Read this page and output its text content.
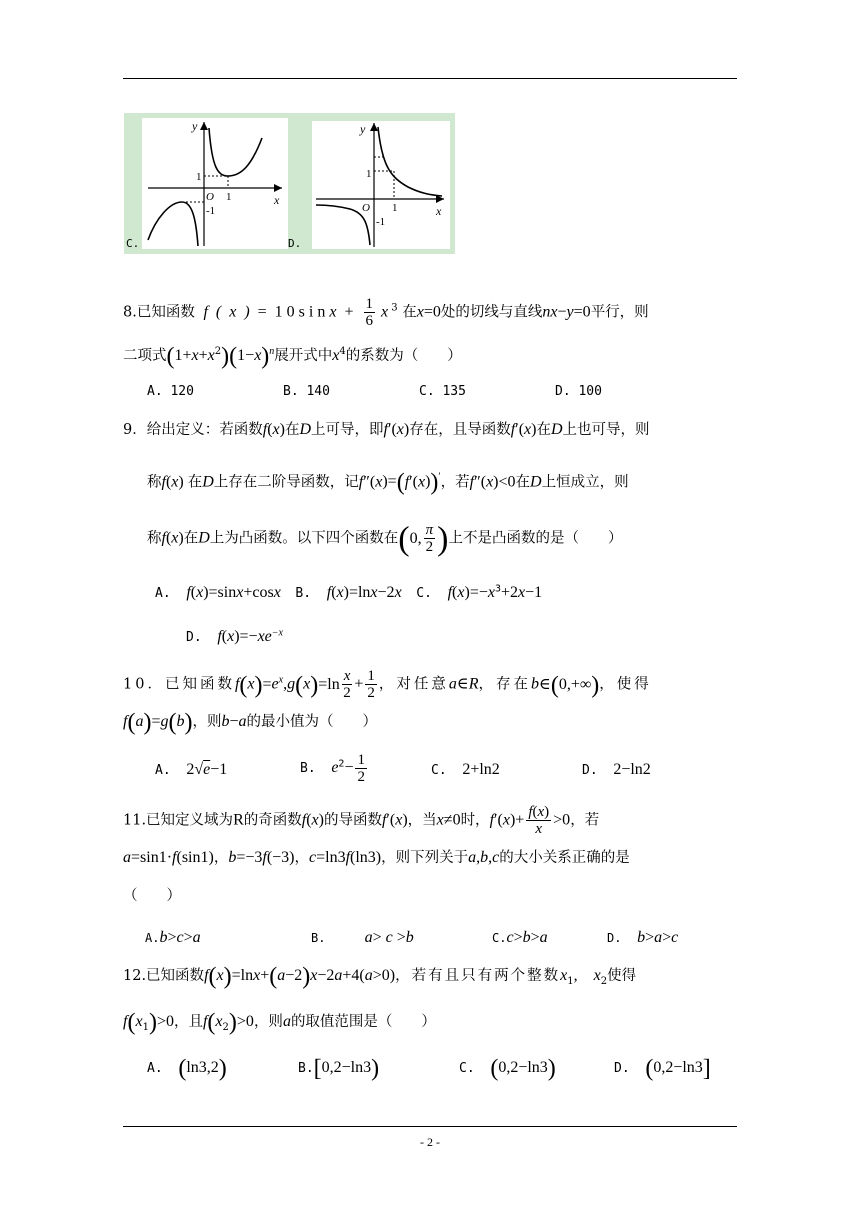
y
x
O
1
1
-1
C.
y
x
O
1
1
-1
D.
8.已知函数  f  (  x  )  =  1 0 s i n $x + \frac{1}{6}$ x $^3$ 在x=0处的切线与直线nx−y=0平行，则
二项式$(1+x+x^2)(1-x)^n$展开式中$x^4$的系数为（　　）
A. 120	B. 140	C. 135	D. 100
9．给出定义：若函数f(x)在D上可导，即f′(x)存在，且导函数f′(x)在D上也可导，则
称f(x) 在D上存在二阶导函数，记f″(x)=(f′(x))′，若f″(x)<0在D上恒成立，则
称f(x)在D上为凸函数。以下四个函数在(0, $\frac{\pi}{2}$ )上不是凸函数的是（　　）
A. f(x)=sinx+cosx B. f(x)=lnx−2x C. $f(x)=-x^3+2x-1$
D. $f(x)=-xe^{-x}$
10．已知函数$f(x)=e^x,g(x)=\ln \frac{x}{2} + \frac{1}{2}$ ，对任意a∈R，存在b∈(0,+∞)，使得
f(a)=g(b)，则b−a的最小值为（　　）
A. 2√e−1	B. $e^2- \frac{1}{2}$	C. 2+ln2	D. 2−ln2
11.已知定义域为R的奇函数f(x)的导函数f′(x)，当x≠0时，$f'(x)+ \frac{f(x)}{x} >0$，若
a=sin1·f(sin1)，b=−3f(−3)，c=ln3f(ln3)，则下列关于a,b,c的大小关系正确的是
（　　）
A.b>c>a	B. a> c >b	C.c>b>a	D. b>a>c
12.已知函数f(x)=lnx+(a−2)x−2a+4(a>0)，若有且只有两个整数$x_1$,    $x_2$使得
$f(x_1)>0$，且$f(x_2)>0$，则a的取值范围是（　　）
A. (ln3,2)	B.[0,2−ln3)	C. (0,2−ln3)	D. (0,2−ln3]
- 2 -
